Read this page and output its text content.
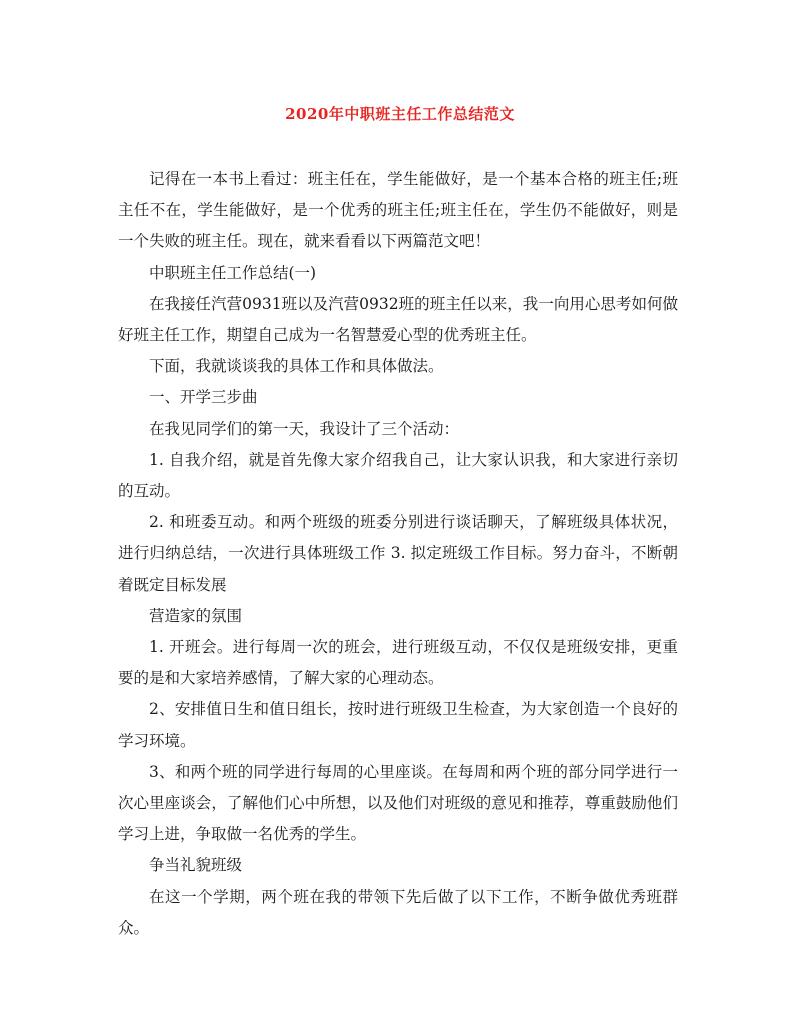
2020年中职班主任工作总结范文

记得在一本书上看过：班主任在，学生能做好，是一个基本合格的班主任;班主任不在，学生能做好，是一个优秀的班主任;班主任在，学生仍不能做好，则是一个失败的班主任。现在，就来看看以下两篇范文吧！

中职班主任工作总结(一)

在我接任汽营0931班以及汽营0932班的班主任以来，我一向用心思考如何做好班主任工作，期望自己成为一名智慧爱心型的优秀班主任。

下面，我就谈谈我的具体工作和具体做法。

一、开学三步曲

在我见同学们的第一天，我设计了三个活动：

1. 自我介绍，就是首先像大家介绍我自己，让大家认识我，和大家进行亲切的互动。

2. 和班委互动。和两个班级的班委分别进行谈话聊天，了解班级具体状况，进行归纳总结，一次进行具体班级工作 3. 拟定班级工作目标。努力奋斗，不断朝着既定目标发展

营造家的氛围

1. 开班会。进行每周一次的班会，进行班级互动，不仅仅是班级安排，更重要的是和大家培养感情，了解大家的心理动态。

2、安排值日生和值日组长，按时进行班级卫生检查，为大家创造一个良好的学习环境。

3、和两个班的同学进行每周的心里座谈。在每周和两个班的部分同学进行一次心里座谈会，了解他们心中所想，以及他们对班级的意见和推荐，尊重鼓励他们学习上进，争取做一名优秀的学生。

争当礼貌班级

在这一个学期，两个班在我的带领下先后做了以下工作，不断争做优秀班群众。
